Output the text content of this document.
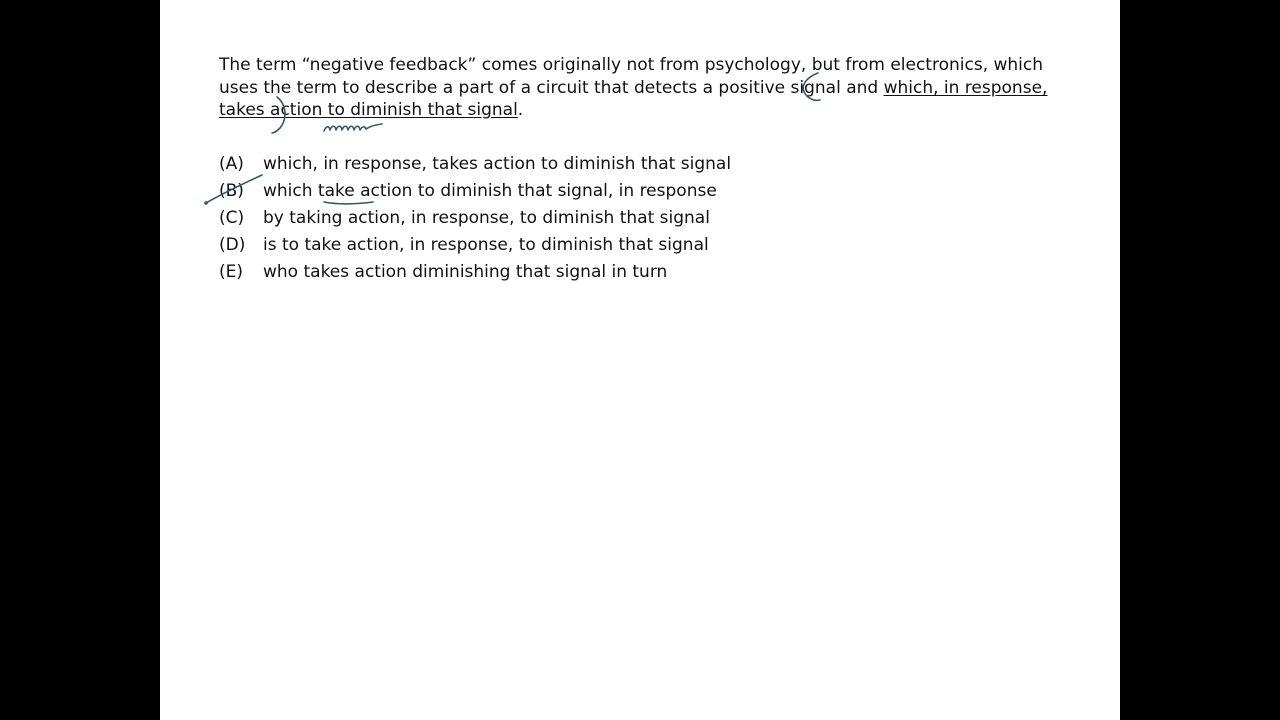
The term “negative feedback” comes originally not from psychology, but from electronics, which uses the term to describe a part of a circuit that detects a positive signal and which, in response, takes action to diminish that signal.
(A) which, in response, takes action to diminish that signal
(B) which take action to diminish that signal, in response
(C) by taking action, in response, to diminish that signal
(D) is to take action, in response, to diminish that signal
(E) who takes action diminishing that signal in turn
